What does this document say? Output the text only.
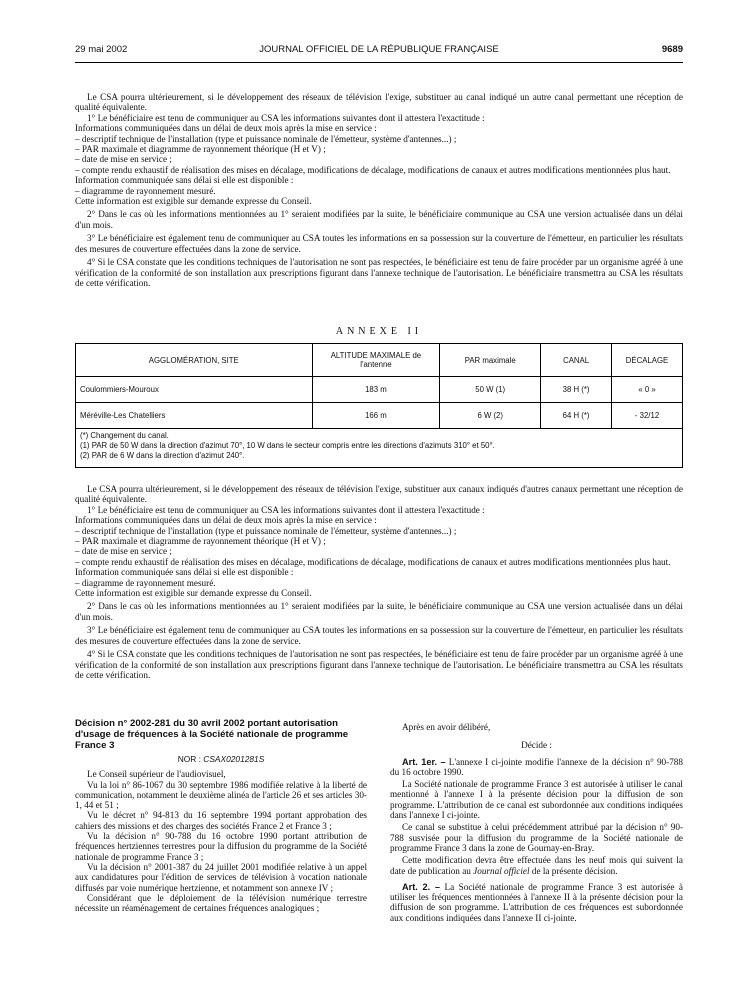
29 mai 2002	JOURNAL OFFICIEL DE LA RÉPUBLIQUE FRANÇAISE	9689

Le CSA pourra ultérieurement, si le développement des réseaux de télévision l'exige, substituer au canal indiqué un autre canal permettant une réception de qualité équivalente.

1° Le bénéficiaire est tenu de communiquer au CSA les informations suivantes dont il attestera l'exactitude :

Informations communiquées dans un délai de deux mois après la mise en service :

– descriptif technique de l'installation (type et puissance nominale de l'émetteur, système d'antennes...) ;

– PAR maximale et diagramme de rayonnement théorique (H et V) ;

– date de mise en service ;

– compte rendu exhaustif de réalisation des mises en décalage, modifications de décalage, modifications de canaux et autres modifications mentionnées plus haut.

Information communiquée sans délai si elle est disponible :

– diagramme de rayonnement mesuré.

Cette information est exigible sur demande expresse du Conseil.

2° Dans le cas où les informations mentionnées au 1° seraient modifiées par la suite, le bénéficiaire communique au CSA une version actualisée dans un délai d'un mois.

3° Le bénéficiaire est également tenu de communiquer au CSA toutes les informations en sa possession sur la couverture de l'émetteur, en particulier les résultats des mesures de couverture effectuées dans la zone de service.

4° Si le CSA constate que les conditions techniques de l'autorisation ne sont pas respectées, le bénéficiaire est tenu de faire procéder par un organisme agréé à une vérification de la conformité de son installation aux prescriptions figurant dans l'annexe technique de l'autorisation. Le bénéficiaire transmettra au CSA les résultats de cette vérification.

ANNEXE II
AGGLOMÉRATION, SITE	ALTITUDE MAXIMALE de l'antenne	PAR maximale	CANAL	DÉCALAGE
Coulommiers-Mouroux	183 m	50 W (1)	38 H (*)	« 0 »
Méréville-Les Chatelliers	166 m	6 W (2)	64 H (*)	- 32/12

(*) Changement du canal.
(1) PAR de 50 W dans la direction d'azimut 70°, 10 W dans le secteur compris entre les directions d'azimuts 310° et 50°.
(2) PAR de 6 W dans la direction d'azimut 240°.				

Le CSA pourra ultérieurement, si le développement des réseaux de télévision l'exige, substituer aux canaux indiqués d'autres canaux permettant une réception de qualité équivalente.

1° Le bénéficiaire est tenu de communiquer au CSA les informations suivantes dont il attestera l'exactitude :

Informations communiquées dans un délai de deux mois après la mise en service :

– descriptif technique de l'installation (type et puissance nominale de l'émetteur, système d'antennes...) ;

– PAR maximale et diagramme de rayonnement théorique (H et V) ;

– date de mise en service ;

– compte rendu exhaustif de réalisation des mises en décalage, modifications de décalage, modifications de canaux et autres modifications mentionnées plus haut.

Information communiquée sans délai si elle est disponible :

– diagramme de rayonnement mesuré.

Cette information est exigible sur demande expresse du Conseil.

2° Dans le cas où les informations mentionnées au 1° seraient modifiées par la suite, le bénéficiaire communique au CSA une version actualisée dans un délai d'un mois.

3° Le bénéficiaire est également tenu de communiquer au CSA toutes les informations en sa possession sur la couverture de l'émetteur, en particulier les résultats des mesures de couverture effectuées dans la zone de service.

4° Si le CSA constate que les conditions techniques de l'autorisation ne sont pas respectées, le bénéficiaire est tenu de faire procéder par un organisme agréé à une vérification de la conformité de son installation aux prescriptions figurant dans l'annexe technique de l'autorisation. Le bénéficiaire transmettra au CSA les résultats de cette vérification.

Décision n° 2002-281 du 30 avril 2002 portant autorisation d'usage de fréquences à la Société nationale de programme France 3

NOR : CSAX0201281S

Le Conseil supérieur de l'audiovisuel,

Vu la loi n° 86-1067 du 30 septembre 1986 modifiée relative à la liberté de communication, notamment le deuxième alinéa de l'article 26 et ses articles 30-1, 44 et 51 ;

Vu le décret n° 94-813 du 16 septembre 1994 portant approbation des cahiers des missions et des charges des sociétés France 2 et France 3 ;

Vu la décision n° 90-788 du 16 octobre 1990 portant attribution de fréquences hertziennes terrestres pour la diffusion du programme de la Société nationale de programme France 3 ;

Vu la décision n° 2001-387 du 24 juillet 2001 modifiée relative à un appel aux candidatures pour l'édition de services de télévision à vocation nationale diffusés par voie numérique hertzienne, et notamment son annexe IV ;

Considérant que le déploiement de la télévision numérique terrestre nécessite un réaménagement de certaines fréquences analogiques ;

Après en avoir délibéré,

Décide :

Art. 1er. – L'annexe I ci-jointe modifie l'annexe de la décision n° 90-788 du 16 octobre 1990.

La Société nationale de programme France 3 est autorisée à utiliser le canal mentionné à l'annexe I à la présente décision pour la diffusion de son programme. L'attribution de ce canal est subordonnée aux conditions indiquées dans l'annexe I ci-jointe.

Ce canal se substitue à celui précédemment attribué par la décision n° 90-788 susvisée pour la diffusion du programme de la Société nationale de programme France 3 dans la zone de Gournay-en-Bray.

Cette modification devra être effectuée dans les neuf mois qui suivent la date de publication au Journal officiel de la présente décision.

Art. 2. – La Société nationale de programme France 3 est autorisée à utiliser les fréquences mentionnées à l'annexe II à la présente décision pour la diffusion de son programme. L'attribution de ces fréquences est subordonnée aux conditions indiquées dans l'annexe II ci-jointe.
